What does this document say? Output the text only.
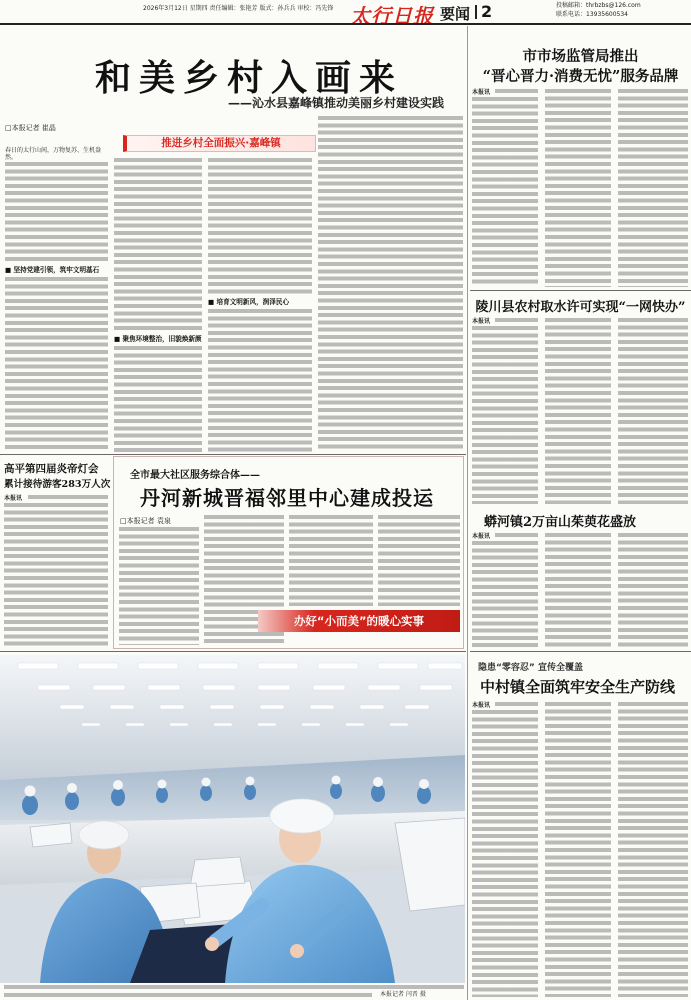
2026年3月12日 星期四 责任编辑：张艳芳 版式：孙兵兵 审校：冯先锋 太行日报 要闻 2	投稿邮箱：thrbzbs@126.com
联系电话：13935600534
和美乡村入画来
——沁水县嘉峰镇推动美丽乡村建设实践
□本报记者 崔晶
推进乡村全面振兴·嘉峰镇
春日的太行山间，万物复苏、生机盎然。
■ 坚持党建引领，筑牢文明基石
■ 聚焦环境整治，旧貌焕新颜
■ 培育文明新风，润泽民心
高平第四届炎帝灯会
累计接待游客283万人次
本报讯
全市最大社区服务综合体——
丹河新城晋福邻里中心建成投运
□本报记者 袁泉
办好“小而美”的暖心实事
本报记者 闫晋 摄
市市场监管局推出
“晋心晋力·消费无忧”服务品牌
本报讯
陵川县农村取水许可实现“一网快办”
本报讯
蟒河镇2万亩山茱萸花盛放
本报讯
隐患“零容忍” 宣传全覆盖
中村镇全面筑牢安全生产防线
本报讯
